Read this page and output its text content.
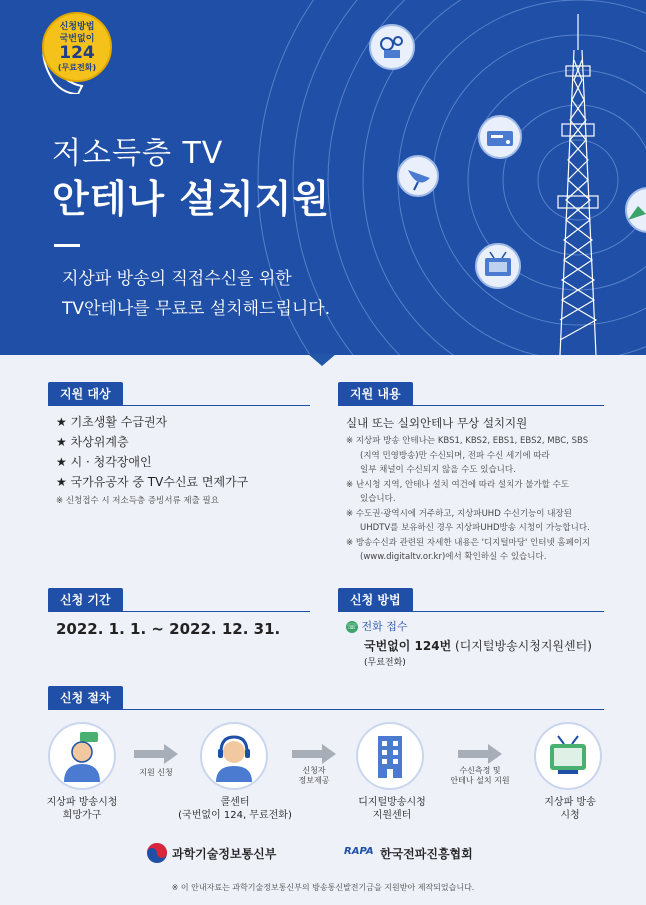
신청방법
국번없이
124
(무료전화)
저소득층 TV
안테나 설치지원
지상파 방송의 직접수신을 위한
TV안테나를 무료로 설치해드립니다.
지원 대상
★ 기초생활 수급권자
★ 차상위계층
★ 시 · 청각장애인
★ 국가유공자 중 TV수신료 면제가구
※ 신청접수 시 저소득층 증빙서류 제출 필요
지원 내용
실내 또는 실외안테나 무상 설치지원
※ 지상파 방송 안테나는 KBS1, KBS2, EBS1, EBS2, MBC, SBS
(지역 민영방송)만 수신되며, 전파 수신 세기에 따라
일부 채널이 수신되지 않을 수도 있습니다.
※ 난시청 지역, 안테나 설치 여건에 따라 설치가 불가할 수도
있습니다.
※ 수도권·광역시에 거주하고, 지상파UHD 수신기능이 내장된
UHDTV를 보유하신 경우 지상파UHD방송 시청이 가능합니다.
※ 방송수신과 관련된 자세한 내용은 '디지털마당' 인터넷 홈페이지
(www.digitaltv.or.kr)에서 확인하실 수 있습니다.
신청 기간
2022. 1. 1. ~ 2022. 12. 31.
신청 방법
☏ 전화 접수
국번없이 124번 (디지털방송시청지원센터)
(무료전화)
신청 절차
지원 신청	신청자
정보제공
수신측정 및
안테나 설치 지원
지상파 방송시청
희망가구
콜센터
(국번없이 124, 무료전화)
디지털방송시청
지원센터
지상파 방송
시청
과학기술정보통신부	RAPA 한국전파진흥협회
※ 이 안내자료는 과학기술정보통신부의 방송통신발전기금을 지원받아 제작되었습니다.
